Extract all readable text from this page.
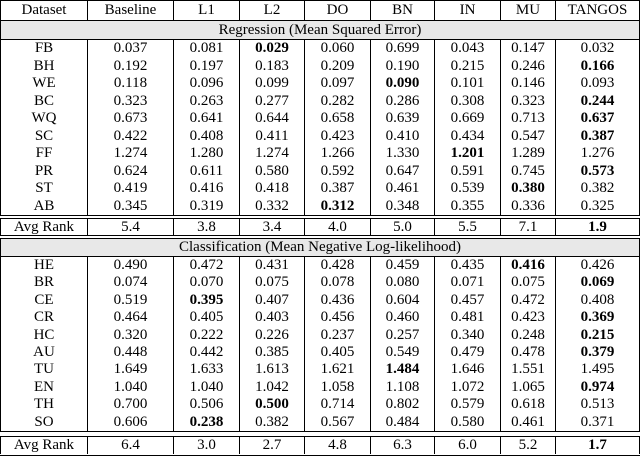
Dataset	Baseline	L1	L2	DO	BN	IN	MU	TANGOS
Regression (Mean Squared Error)
FB	0.037	0.081	0.029	0.060	0.699	0.043	0.147	0.032
BH	0.192	0.197	0.183	0.209	0.190	0.215	0.246	0.166
WE	0.118	0.096	0.099	0.097	0.090	0.101	0.146	0.093
BC	0.323	0.263	0.277	0.282	0.286	0.308	0.323	0.244
WQ	0.673	0.641	0.644	0.658	0.639	0.669	0.713	0.637
SC	0.422	0.408	0.411	0.423	0.410	0.434	0.547	0.387
FF	1.274	1.280	1.274	1.266	1.330	1.201	1.289	1.276
PR	0.624	0.611	0.580	0.592	0.647	0.591	0.745	0.573
ST	0.419	0.416	0.418	0.387	0.461	0.539	0.380	0.382
AB	0.345	0.319	0.332	0.312	0.348	0.355	0.336	0.325
Avg Rank	5.4	3.8	3.4	4.0	5.0	5.5	7.1	1.9
Classification (Mean Negative Log-likelihood)
HE	0.490	0.472	0.431	0.428	0.459	0.435	0.416	0.426
BR	0.074	0.070	0.075	0.078	0.080	0.071	0.075	0.069
CE	0.519	0.395	0.407	0.436	0.604	0.457	0.472	0.408
CR	0.464	0.405	0.403	0.456	0.460	0.481	0.423	0.369
HC	0.320	0.222	0.226	0.237	0.257	0.340	0.248	0.215
AU	0.448	0.442	0.385	0.405	0.549	0.479	0.478	0.379
TU	1.649	1.633	1.613	1.621	1.484	1.646	1.551	1.495
EN	1.040	1.040	1.042	1.058	1.108	1.072	1.065	0.974
TH	0.700	0.506	0.500	0.714	0.802	0.579	0.618	0.513
SO	0.606	0.238	0.382	0.567	0.484	0.580	0.461	0.371
Avg Rank	6.4	3.0	2.7	4.8	6.3	6.0	5.2	1.7
